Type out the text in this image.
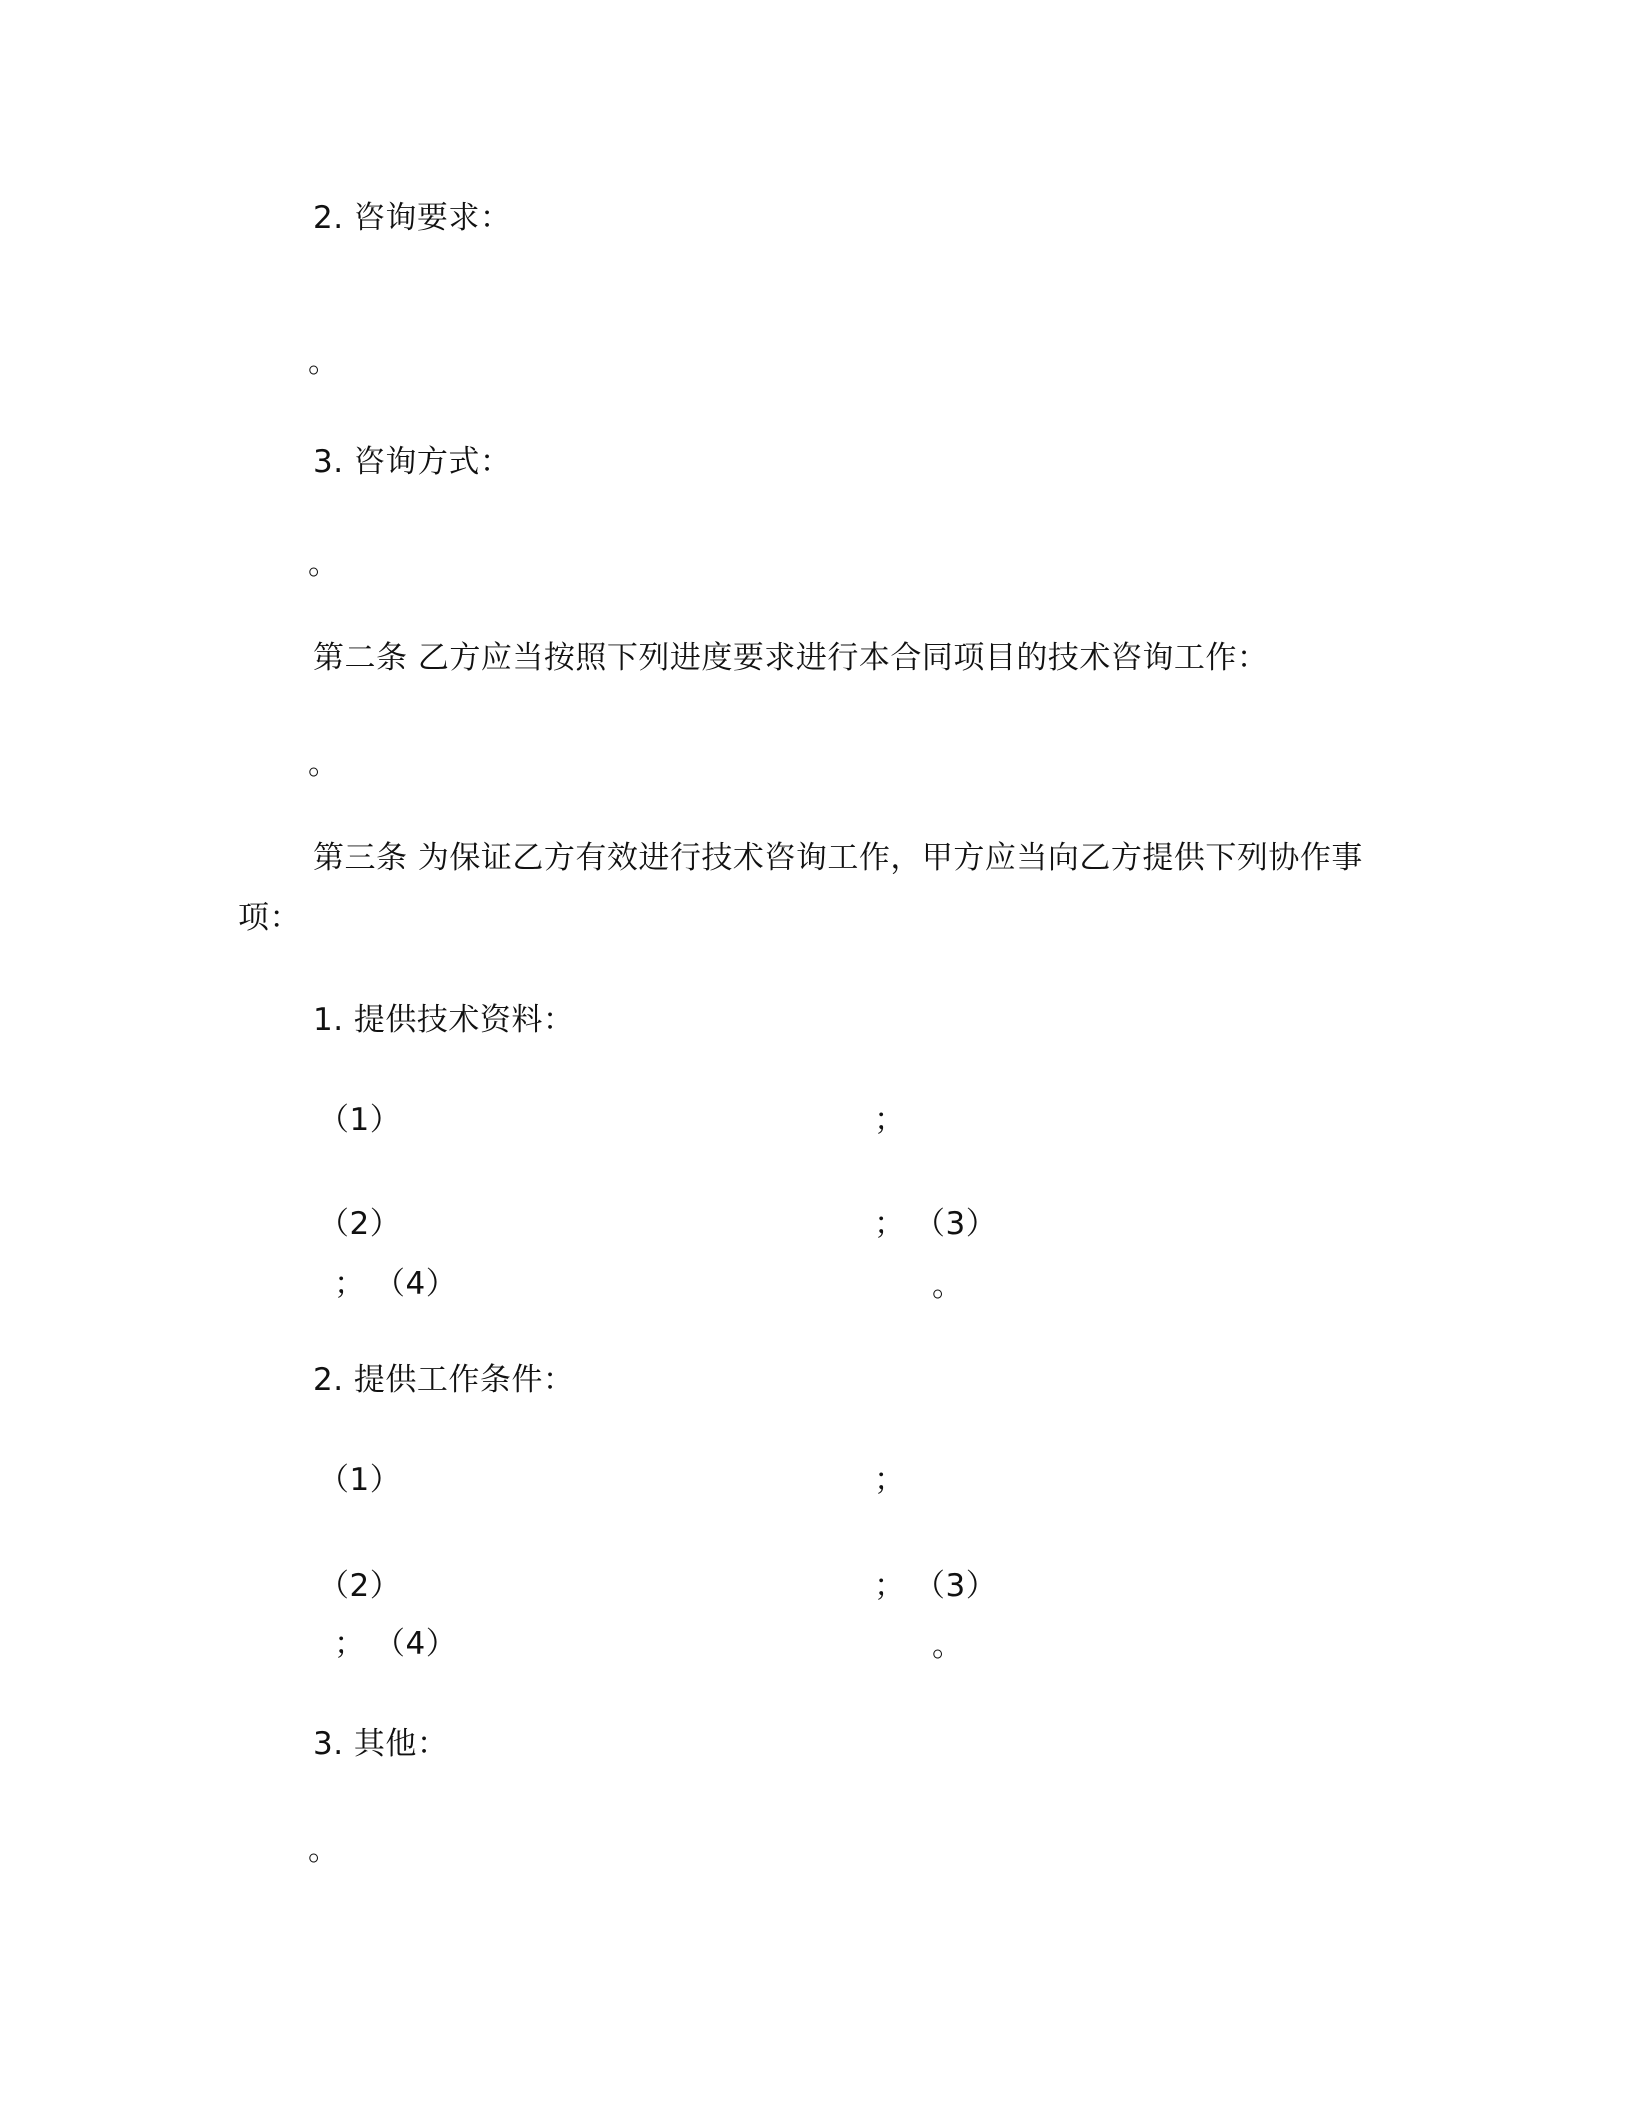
2. 咨询要求：
。
3. 咨询方式：
。
第二条 乙方应当按照下列进度要求进行本合同项目的技术咨询工作：
。
第三条 为保证乙方有效进行技术咨询工作，甲方应当向乙方提供下列协作事
项：
1. 提供技术资料：
（1）	；
（2）	； （3）
； （4）	。
2. 提供工作条件：
（1）	；
（2）	； （3）
； （4）	。
3. 其他：
。
